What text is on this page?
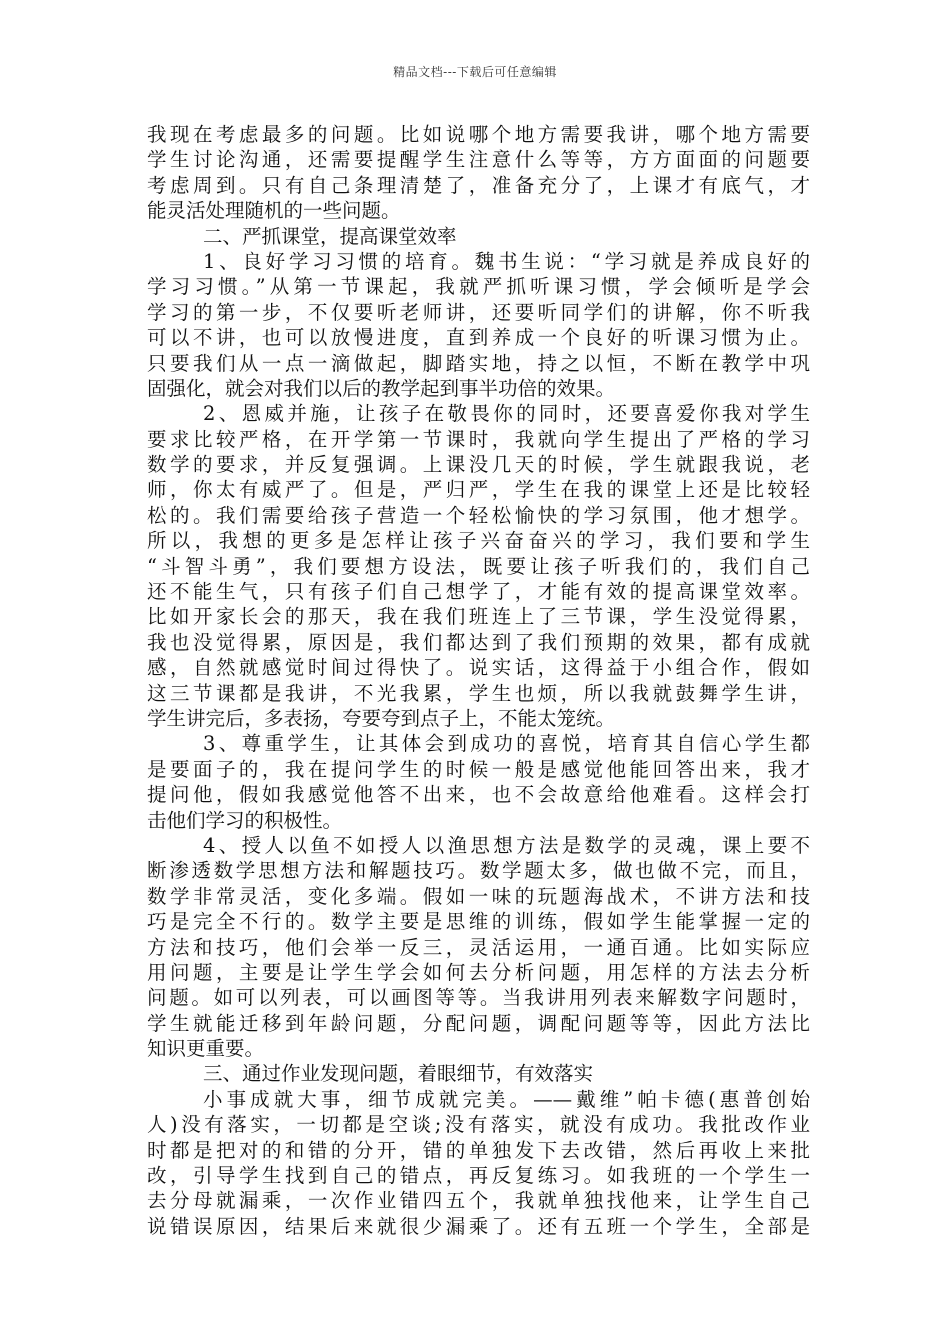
精品文档---下载后可任意编辑
我现在考虑最多的问题。比如说哪个地方需要我讲，哪个地方需要
学生讨论沟通，还需要提醒学生注意什么等等，方方面面的问题要
考虑周到。只有自己条理清楚了，准备充分了，上课才有底气，才
能灵活处理随机的一些问题。
二、严抓课堂，提高课堂效率
1、良好学习习惯的培育。魏书生说：“学习就是养成良好的
学习习惯。”从第一节课起，我就严抓听课习惯，学会倾听是学会
学习的第一步，不仅要听老师讲，还要听同学们的讲解，你不听我
可以不讲，也可以放慢进度，直到养成一个良好的听课习惯为止。
只要我们从一点一滴做起，脚踏实地，持之以恒，不断在教学中巩
固强化，就会对我们以后的教学起到事半功倍的效果。
2、恩威并施，让孩子在敬畏你的同时，还要喜爱你我对学生
要求比较严格，在开学第一节课时，我就向学生提出了严格的学习
数学的要求，并反复强调。上课没几天的时候，学生就跟我说，老
师，你太有威严了。但是，严归严，学生在我的课堂上还是比较轻
松的。我们需要给孩子营造一个轻松愉快的学习氛围，他才想学。
所以，我想的更多是怎样让孩子兴奋奋兴的学习，我们要和学生
“斗智斗勇”，我们要想方设法，既要让孩子听我们的，我们自己
还不能生气，只有孩子们自己想学了，才能有效的提高课堂效率。
比如开家长会的那天，我在我们班连上了三节课，学生没觉得累，
我也没觉得累，原因是，我们都达到了我们预期的效果，都有成就
感，自然就感觉时间过得快了。说实话，这得益于小组合作，假如
这三节课都是我讲，不光我累，学生也烦，所以我就鼓舞学生讲，
学生讲完后，多表扬，夸要夸到点子上，不能太笼统。
3、尊重学生，让其体会到成功的喜悦，培育其自信心学生都
是要面子的，我在提问学生的时候一般是感觉他能回答出来，我才
提问他，假如我感觉他答不出来，也不会故意给他难看。这样会打
击他们学习的积极性。
4、授人以鱼不如授人以渔思想方法是数学的灵魂，课上要不
断渗透数学思想方法和解题技巧。数学题太多，做也做不完，而且，
数学非常灵活，变化多端。假如一味的玩题海战术，不讲方法和技
巧是完全不行的。数学主要是思维的训练，假如学生能掌握一定的
方法和技巧，他们会举一反三，灵活运用，一通百通。比如实际应
用问题，主要是让学生学会如何去分析问题，用怎样的方法去分析
问题。如可以列表，可以画图等等。当我讲用列表来解数字问题时，
学生就能迁移到年龄问题，分配问题，调配问题等等，因此方法比
知识更重要。
三、通过作业发现问题，着眼细节，有效落实
小事成就大事，细节成就完美。——戴维”帕卡德(惠普创始
人)没有落实，一切都是空谈;没有落实，就没有成功。我批改作业
时都是把对的和错的分开，错的单独发下去改错，然后再收上来批
改，引导学生找到自己的错点，再反复练习。如我班的一个学生一
去分母就漏乘，一次作业错四五个，我就单独找他来，让学生自己
说错误原因，结果后来就很少漏乘了。还有五班一个学生，全部是
